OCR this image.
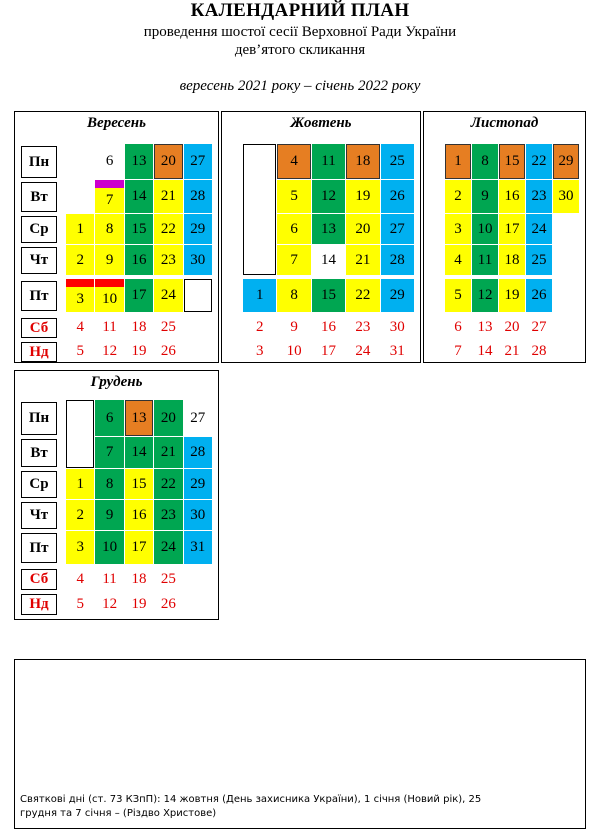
КАЛЕНДАРНИЙ ПЛАН
проведення шостої сесії Верховної Ради України
дев’ятого скликання
вересень 2021 року – січень 2022 року
Вересень
Пн
Вт
Ср
Чт
Пт
Сб
Нд
1
2
3
4
5
6
7
8
9
10
11
12
13
14
15
16
17
18
19
20
21
22
23
24
25
26
27
28
29
30
Жовтень
1
2
3
4
5
6
7
8
9
10
11
12
13
14
15
16
17
18
19
20
21
22
23
24
25
26
27
28
29
30
31
Листопад
1
2
3
4
5
6
7
8
9
10
11
12
13
14
15
16
17
18
19
20
21
22
23
24
25
26
27
28
29
30
Грудень
Пн
Вт
Ср
Чт
Пт
Сб
Нд
1
2
3
4
5
6
7
8
9
10
11
12
13
14
15
16
17
18
19
20
21
22
23
24
25
26
27
28
29
30
31
Святкові дні (ст. 73 КЗпП): 14 жовтня (День захисника України), 1 січня (Новий рік), 25 грудня та 7 січня – (Різдво Христове)
